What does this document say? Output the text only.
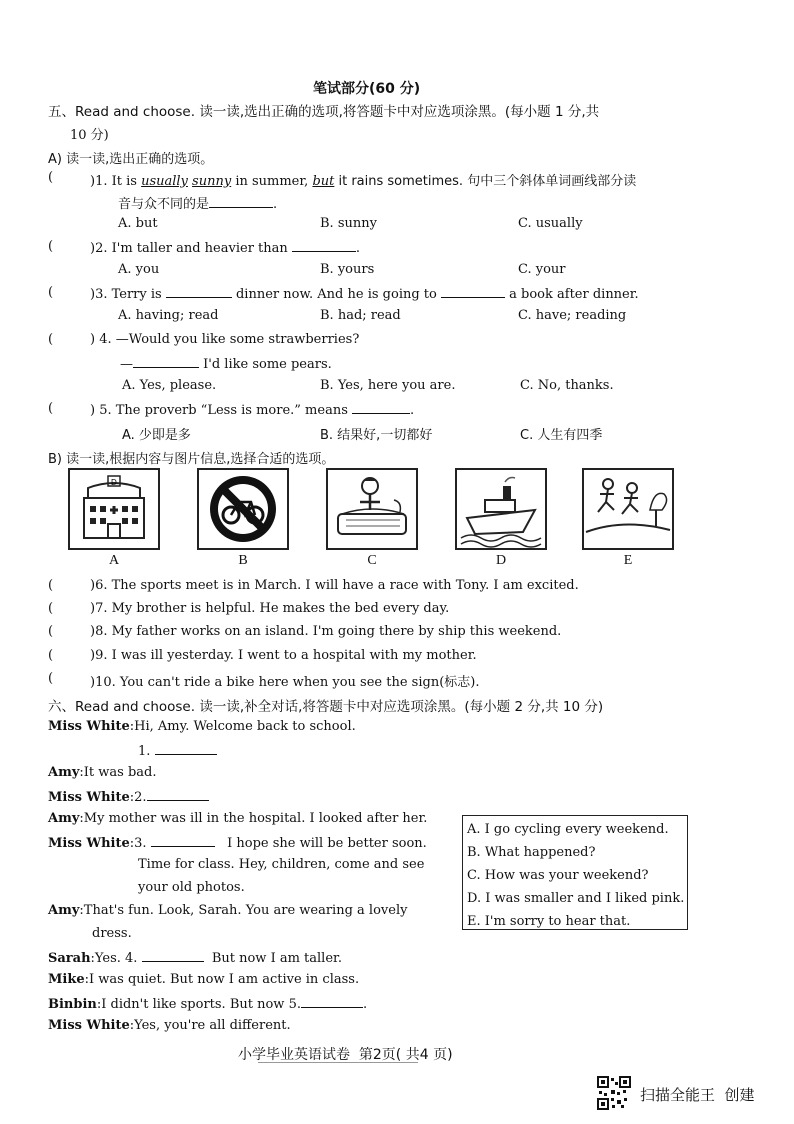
笔试部分(60 分)
五、Read and choose. 读一读,选出正确的选项,将答题卡中对应选项涂黑。(每小题 1 分,共
10 分)
A) 读一读,选出正确的选项。
(	)1. It is usually sunny in summer, but it rains sometimes. 句中三个斜体单词画线部分读
音与众不同的是	.
A. but	B. sunny	C. usually
(	)2. I'm taller and heavier than	.
A. you	B. yours	C. your
(	)3. Terry is	dinner now. And he is going to	a book after dinner.
A. having; read	B. had; read	C. have; reading
(	) 4. —Would you like some strawberries?
—	I'd like some pears.
A. Yes, please.	B. Yes, here you are.	C. No, thanks.
(	) 5. The proverb “Less is more.” means	.
A. 少即是多	B. 结果好,一切都好	C. 人生有四季
B) 读一读,根据内容与图片信息,选择合适的选项。
D
A	B	C	D	E
(	)6. The sports meet is in March. I will have a race with Tony. I am excited.
(	)7. My brother is helpful. He makes the bed every day.
(	)8. My father works on an island. I'm going there by ship this weekend.
(	)9. I was ill yesterday. I went to a hospital with my mother.
(	)10. You can't ride a bike here when you see the sign(标志).
六、Read and choose. 读一读,补全对话,将答题卡中对应选项涂黑。(每小题 2 分,共 10 分)
Miss White:Hi, Amy. Welcome back to school.
1.
Amy:It was bad.
Miss White:2.
Amy:My mother was ill in the hospital. I looked after her.
Miss White:3.	I hope she will be better soon.
Time for class. Hey, children, come and see
your old photos.
Amy:That's fun. Look, Sarah. You are wearing a lovely
dress.
Sarah:Yes. 4.	But now I am taller.
Mike:I was quiet. But now I am active in class.
Binbin:I didn't like sports. But now 5.	.
Miss White:Yes, you're all different.
A. I go cycling every weekend.
B. What happened?
C. How was your weekend?
D. I was smaller and I liked pink.
E. I'm sorry to hear that.
小学毕业英语试卷  第2页( 共4 页)
扫描全能王  创建
